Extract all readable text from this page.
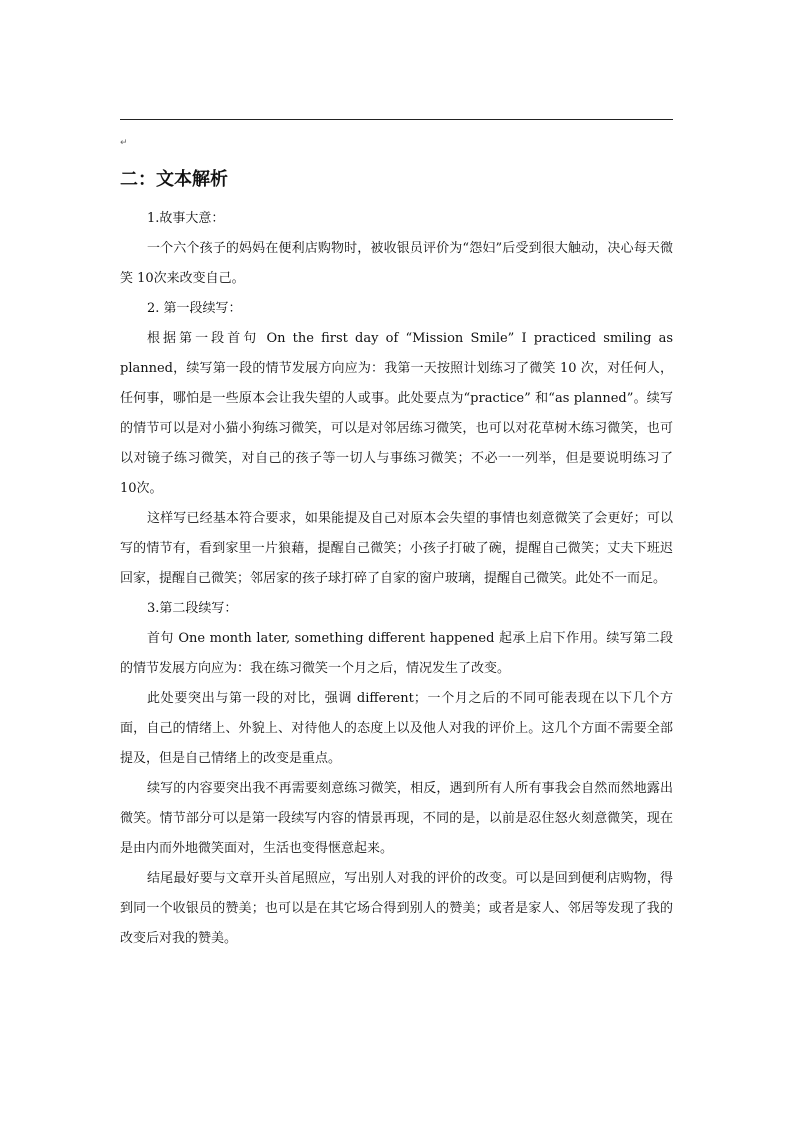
↵
二：文本解析
1.故事大意：

一个六个孩子的妈妈在便利店购物时，被收银员评价为“怨妇”后受到很大触动，决心每天微笑 10次来改变自己。

2. 第一段续写：

根据第一段首句 On the first day of “Mission Smile” I practiced smiling as planned，续写第一段的情节发展方向应为：我第一天按照计划练习了微笑 10 次，对任何人，任何事，哪怕是一些原本会让我失望的人或事。此处要点为“practice” 和“as planned”。续写的情节可以是对小猫小狗练习微笑，可以是对邻居练习微笑，也可以对花草树木练习微笑，也可以对镜子练习微笑，对自己的孩子等一切人与事练习微笑；不必一一列举，但是要说明练习了 10次。

这样写已经基本符合要求，如果能提及自己对原本会失望的事情也刻意微笑了会更好；可以写的情节有，看到家里一片狼藉，提醒自己微笑；小孩子打破了碗，提醒自己微笑；丈夫下班迟回家，提醒自己微笑；邻居家的孩子球打碎了自家的窗户玻璃，提醒自己微笑。此处不一而足。

3.第二段续写：

首句 One month later, something different happened 起承上启下作用。续写第二段的情节发展方向应为：我在练习微笑一个月之后，情况发生了改变。

此处要突出与第一段的对比，强调 different；一个月之后的不同可能表现在以下几个方面，自己的情绪上、外貌上、对待他人的态度上以及他人对我的评价上。这几个方面不需要全部提及，但是自己情绪上的改变是重点。

续写的内容要突出我不再需要刻意练习微笑，相反，遇到所有人所有事我会自然而然地露出微笑。情节部分可以是第一段续写内容的情景再现，不同的是，以前是忍住怒火刻意微笑，现在是由内而外地微笑面对，生活也变得惬意起来。

结尾最好要与文章开头首尾照应，写出别人对我的评价的改变。可以是回到便利店购物，得到同一个收银员的赞美；也可以是在其它场合得到别人的赞美；或者是家人、邻居等发现了我的改变后对我的赞美。
